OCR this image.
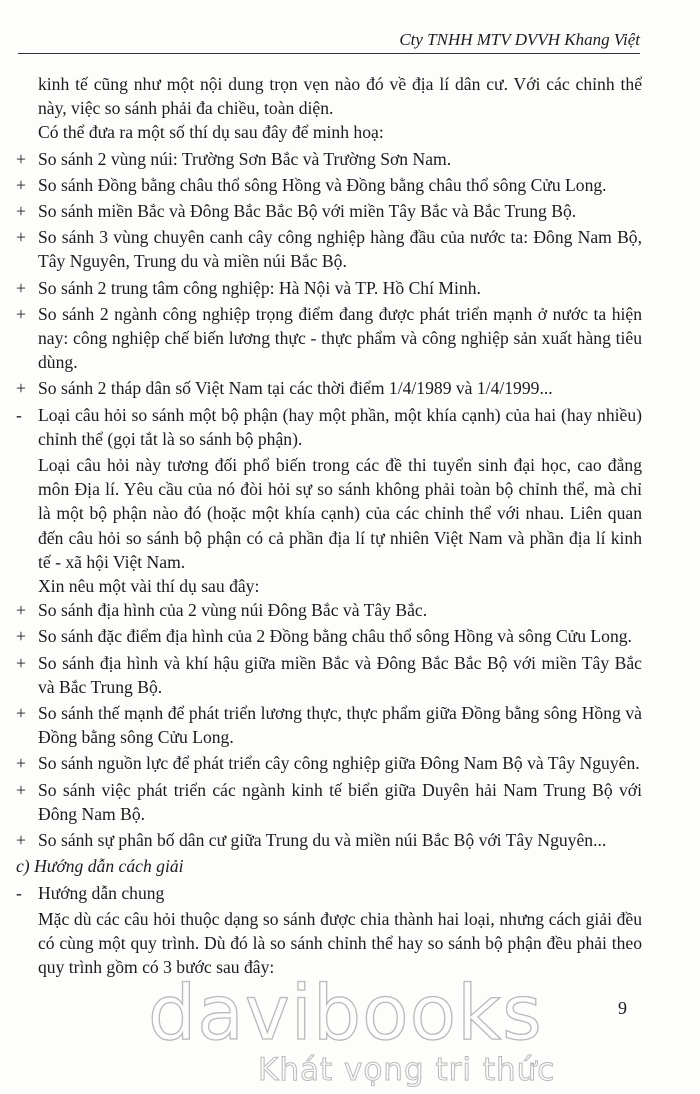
Cty TNHH MTV DVVH Khang Việt
kinh tế cũng như một nội dung trọn vẹn nào đó về địa lí dân cư. Với các chỉnh thể này, việc so sánh phải đa chiều, toàn diện.
Có thể đưa ra một số thí dụ sau đây để minh hoạ:
+ So sánh 2 vùng núi: Trường Sơn Bắc và Trường Sơn Nam.
+ So sánh Đồng bằng châu thổ sông Hồng và Đồng bằng châu thổ sông Cửu Long.
+ So sánh miền Bắc và Đông Bắc Bắc Bộ với miền Tây Bắc và Bắc Trung Bộ.
+ So sánh 3 vùng chuyên canh cây công nghiệp hàng đầu của nước ta: Đông Nam Bộ, Tây Nguyên, Trung du và miền núi Bắc Bộ.
+ So sánh 2 trung tâm công nghiệp: Hà Nội và TP. Hồ Chí Minh.
+ So sánh 2 ngành công nghiệp trọng điểm đang được phát triển mạnh ở nước ta hiện nay: công nghiệp chế biến lương thực - thực phẩm và công nghiệp sản xuất hàng tiêu dùng.
+ So sánh 2 tháp dân số Việt Nam tại các thời điểm 1/4/1989 và 1/4/1999...
- Loại câu hỏi so sánh một bộ phận (hay một phần, một khía cạnh) của hai (hay nhiều) chỉnh thể (gọi tắt là so sánh bộ phận).
Loại câu hỏi này tương đối phổ biến trong các đề thi tuyển sinh đại học, cao đẳng môn Địa lí. Yêu cầu của nó đòi hỏi sự so sánh không phải toàn bộ chỉnh thể, mà chỉ là một bộ phận nào đó (hoặc một khía cạnh) của các chỉnh thể với nhau. Liên quan đến câu hỏi so sánh bộ phận có cả phần địa lí tự nhiên Việt Nam và phần địa lí kinh tế - xã hội Việt Nam.
Xin nêu một vài thí dụ sau đây:
+ So sánh địa hình của 2 vùng núi Đông Bắc và Tây Bắc.
+ So sánh đặc điểm địa hình của 2 Đồng bằng châu thổ sông Hồng và sông Cửu Long.
+ So sánh địa hình và khí hậu giữa miền Bắc và Đông Bắc Bắc Bộ với miền Tây Bắc và Bắc Trung Bộ.
+ So sánh thế mạnh để phát triển lương thực, thực phẩm giữa Đồng bằng sông Hồng và Đồng bằng sông Cửu Long.
+ So sánh nguồn lực để phát triển cây công nghiệp giữa Đông Nam Bộ và Tây Nguyên.
+ So sánh việc phát triển các ngành kinh tế biển giữa Duyên hải Nam Trung Bộ với Đông Nam Bộ.
+ So sánh sự phân bố dân cư giữa Trung du và miền núi Bắc Bộ với Tây Nguyên...
c) Hướng dẫn cách giải
- Hướng dẫn chung
Mặc dù các câu hỏi thuộc dạng so sánh được chia thành hai loại, nhưng cách giải đều có cùng một quy trình. Dù đó là so sánh chỉnh thể hay so sánh bộ phận đều phải theo quy trình gồm có 3 bước sau đây:
9
davibooks
Khát vọng tri thức
